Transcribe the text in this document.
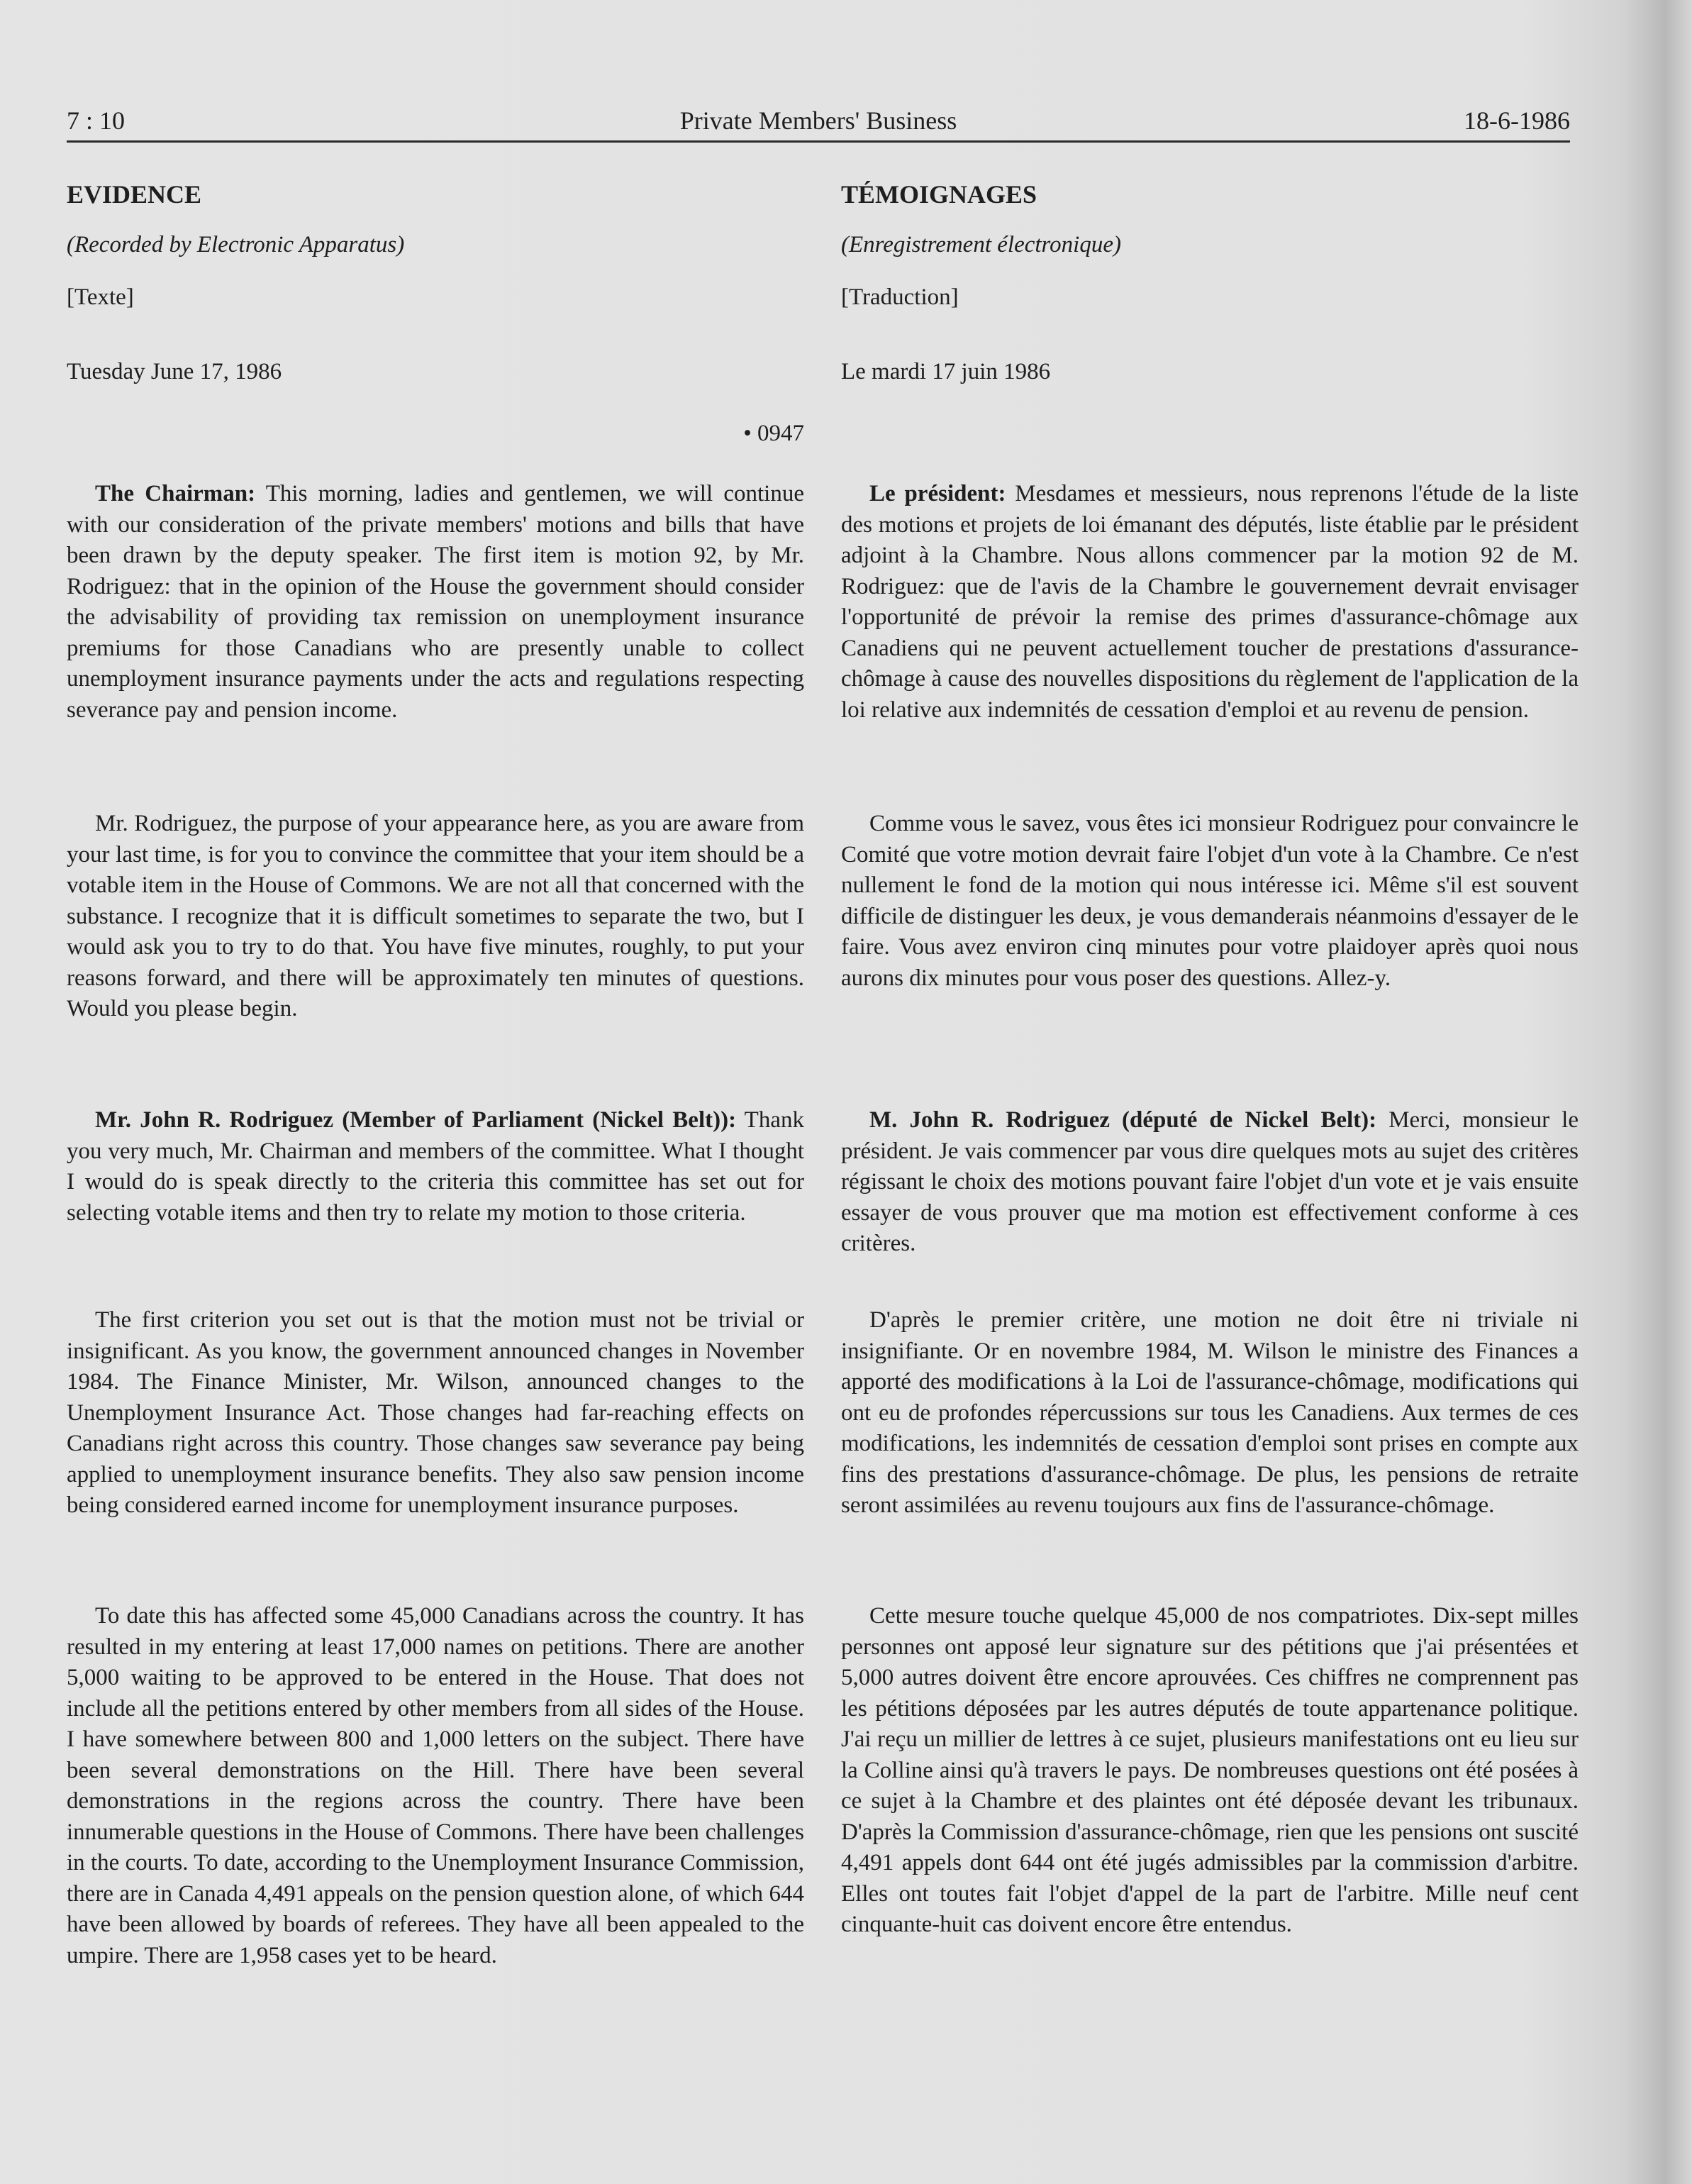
7 : 10	Private Members' Business	18-6-1986

EVIDENCE

(Recorded by Electronic Apparatus)

[Texte]

Tuesday June 17, 1986

• 0947

The Chairman: This morning, ladies and gentlemen, we will continue with our consideration of the private members' motions and bills that have been drawn by the deputy speaker. The first item is motion 92, by Mr. Rodriguez: that in the opinion of the House the government should consider the advisability of providing tax remission on unemployment insurance premiums for those Canadians who are presently unable to collect unemployment insurance payments under the acts and regulations respecting severance pay and pension income.

Mr. Rodriguez, the purpose of your appearance here, as you are aware from your last time, is for you to convince the committee that your item should be a votable item in the House of Commons. We are not all that concerned with the substance. I recognize that it is difficult sometimes to separate the two, but I would ask you to try to do that. You have five minutes, roughly, to put your reasons forward, and there will be approximately ten minutes of questions. Would you please begin.

Mr. John R. Rodriguez (Member of Parliament (Nickel Belt)): Thank you very much, Mr. Chairman and members of the committee. What I thought I would do is speak directly to the criteria this committee has set out for selecting votable items and then try to relate my motion to those criteria.

The first criterion you set out is that the motion must not be trivial or insignificant. As you know, the government announced changes in November 1984. The Finance Minister, Mr. Wilson, announced changes to the Unemployment Insurance Act. Those changes had far-reaching effects on Canadians right across this country. Those changes saw severance pay being applied to unemployment insurance benefits. They also saw pension income being considered earned income for unemployment insurance purposes.

To date this has affected some 45,000 Canadians across the country. It has resulted in my entering at least 17,000 names on petitions. There are another 5,000 waiting to be approved to be entered in the House. That does not include all the petitions entered by other members from all sides of the House. I have somewhere between 800 and 1,000 letters on the subject. There have been several demonstrations on the Hill. There have been several demonstrations in the regions across the country. There have been innumerable questions in the House of Commons. There have been challenges in the courts. To date, according to the Unemployment Insurance Commission, there are in Canada 4,491 appeals on the pension question alone, of which 644 have been allowed by boards of referees. They have all been appealed to the umpire. There are 1,958 cases yet to be heard.

TÉMOIGNAGES

(Enregistrement électronique)

[Traduction]

Le mardi 17 juin 1986

Le président: Mesdames et messieurs, nous reprenons l'étude de la liste des motions et projets de loi émanant des députés, liste établie par le président adjoint à la Chambre. Nous allons commencer par la motion 92 de M. Rodriguez: que de l'avis de la Chambre le gouvernement devrait envisager l'opportunité de prévoir la remise des primes d'assurance-chômage aux Canadiens qui ne peuvent actuellement toucher de prestations d'assurance-chômage à cause des nouvelles dispositions du règlement de l'application de la loi relative aux indemnités de cessation d'emploi et au revenu de pension.

Comme vous le savez, vous êtes ici monsieur Rodriguez pour convaincre le Comité que votre motion devrait faire l'objet d'un vote à la Chambre. Ce n'est nullement le fond de la motion qui nous intéresse ici. Même s'il est souvent difficile de distinguer les deux, je vous demanderais néanmoins d'essayer de le faire. Vous avez environ cinq minutes pour votre plaidoyer après quoi nous aurons dix minutes pour vous poser des questions. Allez-y.

M. John R. Rodriguez (député de Nickel Belt): Merci, monsieur le président. Je vais commencer par vous dire quelques mots au sujet des critères régissant le choix des motions pouvant faire l'objet d'un vote et je vais ensuite essayer de vous prouver que ma motion est effectivement conforme à ces critères.

D'après le premier critère, une motion ne doit être ni triviale ni insignifiante. Or en novembre 1984, M. Wilson le ministre des Finances a apporté des modifications à la Loi de l'assurance-chômage, modifications qui ont eu de profondes répercussions sur tous les Canadiens. Aux termes de ces modifications, les indemnités de cessation d'emploi sont prises en compte aux fins des prestations d'assurance-chômage. De plus, les pensions de retraite seront assimilées au revenu toujours aux fins de l'assurance-chômage.

Cette mesure touche quelque 45,000 de nos compatriotes. Dix-sept milles personnes ont apposé leur signature sur des pétitions que j'ai présentées et 5,000 autres doivent être encore aprouvées. Ces chiffres ne comprennent pas les pétitions déposées par les autres députés de toute appartenance politique. J'ai reçu un millier de lettres à ce sujet, plusieurs manifestations ont eu lieu sur la Colline ainsi qu'à travers le pays. De nombreuses questions ont été posées à ce sujet à la Chambre et des plaintes ont été déposée devant les tribunaux. D'après la Commission d'assurance-chômage, rien que les pensions ont suscité 4,491 appels dont 644 ont été jugés admissibles par la commission d'arbitre. Elles ont toutes fait l'objet d'appel de la part de l'arbitre. Mille neuf cent cinquante-huit cas doivent encore être entendus.
